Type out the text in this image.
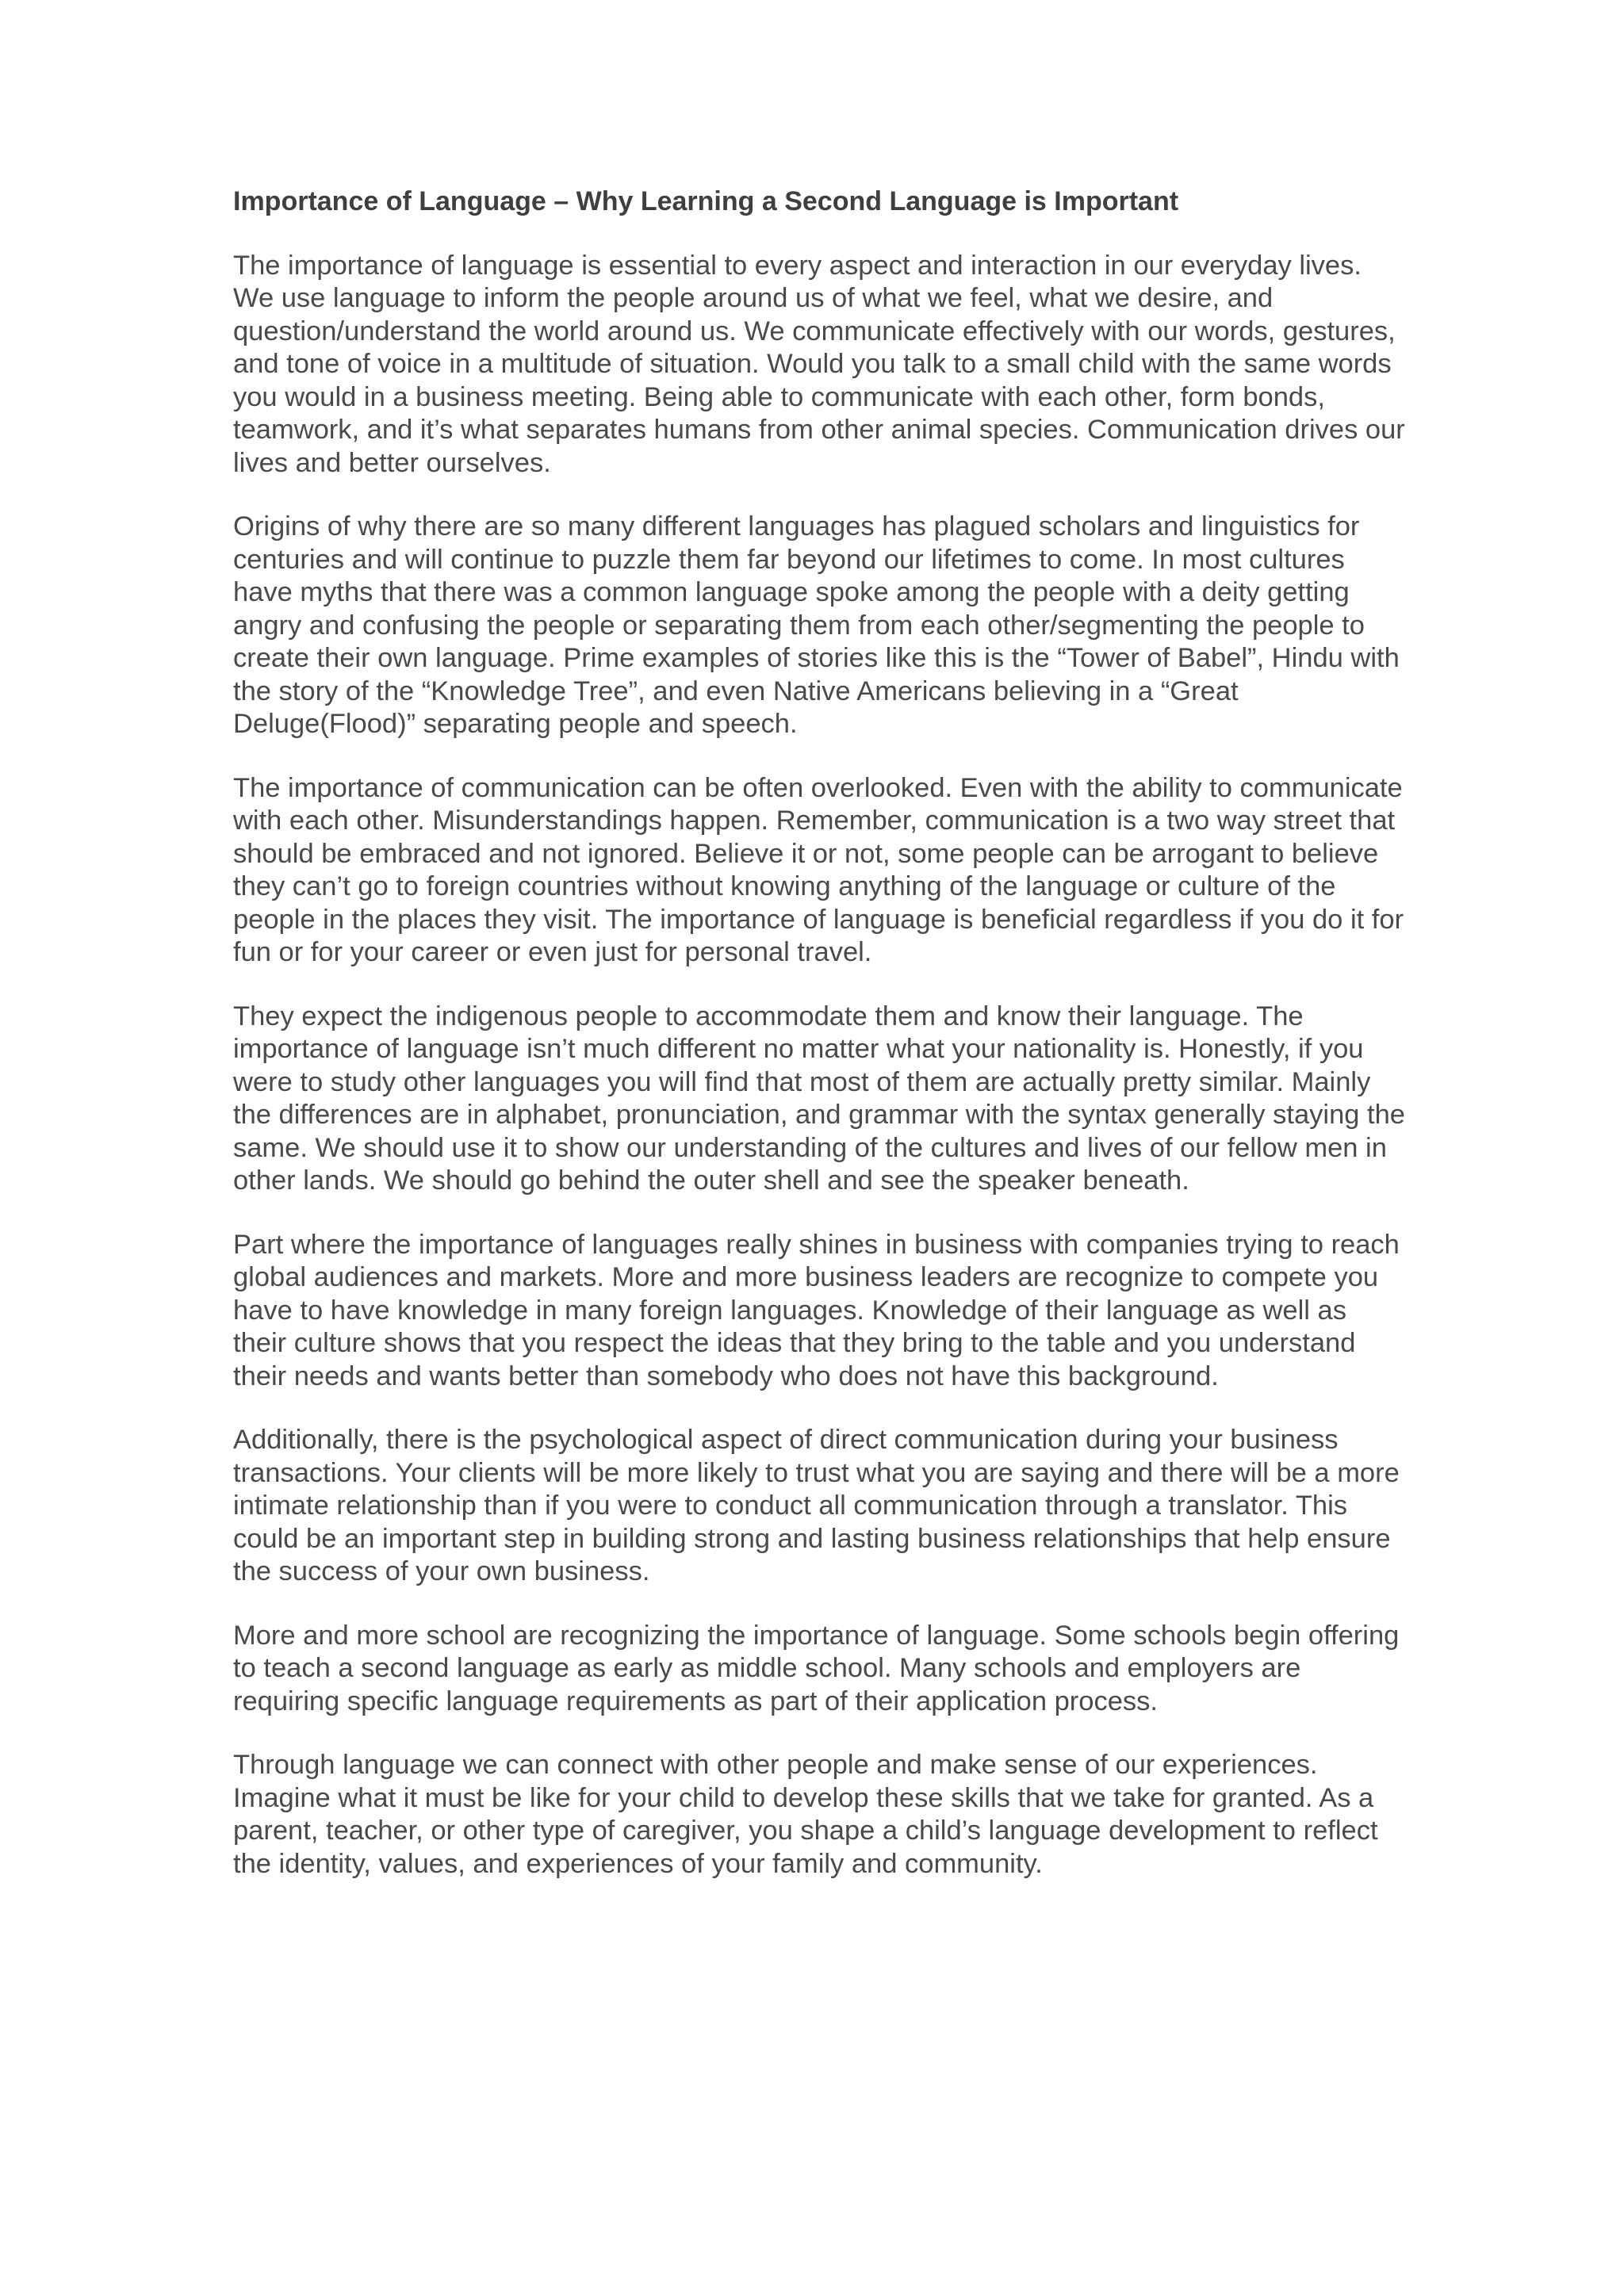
Importance of Language – Why Learning a Second Language is Important

The importance of language is essential to every aspect and interaction in our everyday lives. We use language to inform the people around us of what we feel, what we desire, and question/understand the world around us. We communicate effectively with our words, gestures, and tone of voice in a multitude of situation. Would you talk to a small child with the same words you would in a business meeting. Being able to communicate with each other, form bonds, teamwork, and it’s what separates humans from other animal species. Communication drives our lives and better ourselves.

Origins of why there are so many different languages has plagued scholars and linguistics for centuries and will continue to puzzle them far beyond our lifetimes to come. In most cultures have myths that there was a common language spoke among the people with a deity getting angry and confusing the people or separating them from each other/segmenting the people to create their own language. Prime examples of stories like this is the “Tower of Babel”, Hindu with the story of the “Knowledge Tree”, and even Native Americans believing in a “Great Deluge(Flood)” separating people and speech.

The importance of communication can be often overlooked. Even with the ability to communicate with each other. Misunderstandings happen. Remember, communication is a two way street that should be embraced and not ignored. Believe it or not, some people can be arrogant to believe they can’t go to foreign countries without knowing anything of the language or culture of the people in the places they visit. The importance of language is beneficial regardless if you do it for fun or for your career or even just for personal travel.

They expect the indigenous people to accommodate them and know their language. The importance of language isn’t much different no matter what your nationality is. Honestly, if you were to study other languages you will find that most of them are actually pretty similar. Mainly the differences are in alphabet, pronunciation, and grammar with the syntax generally staying the same. We should use it to show our understanding of the cultures and lives of our fellow men in other lands. We should go behind the outer shell and see the speaker beneath.

Part where the importance of languages really shines in business with companies trying to reach global audiences and markets. More and more business leaders are recognize to compete you have to have knowledge in many foreign languages. Knowledge of their language as well as their culture shows that you respect the ideas that they bring to the table and you understand their needs and wants better than somebody who does not have this background.

Additionally, there is the psychological aspect of direct communication during your business transactions. Your clients will be more likely to trust what you are saying and there will be a more intimate relationship than if you were to conduct all communication through a translator. This could be an important step in building strong and lasting business relationships that help ensure the success of your own business.

More and more school are recognizing the importance of language. Some schools begin offering to teach a second language as early as middle school. Many schools and employers are requiring specific language requirements as part of their application process.

Through language we can connect with other people and make sense of our experiences. Imagine what it must be like for your child to develop these skills that we take for granted. As a parent, teacher, or other type of caregiver, you shape a child’s language development to reflect the identity, values, and experiences of your family and community.
